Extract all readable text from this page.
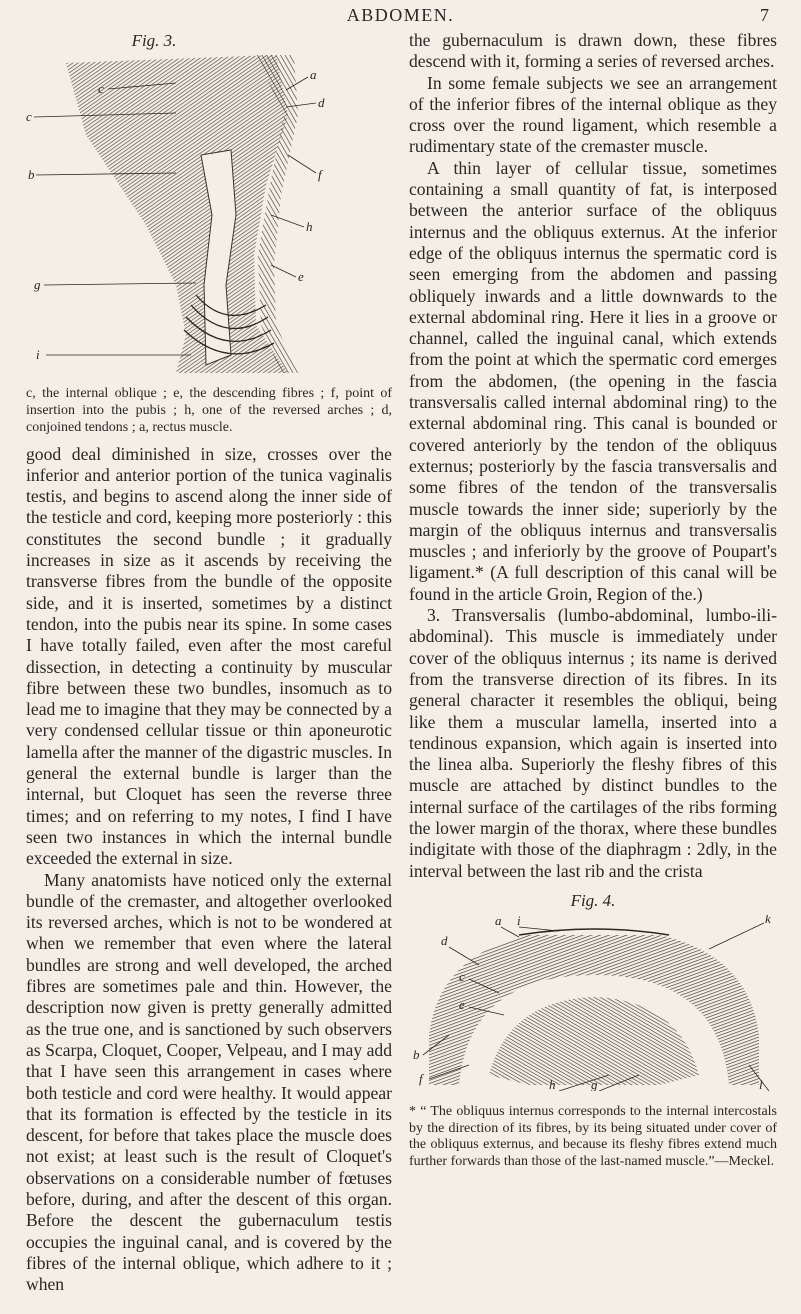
ABDOMEN.	7
Fig. 3.
c
c
b
g
i
a
d
f
h
e
c, the internal oblique ; e, the descending fibres ; f, point of insertion into the pubis ; h, one of the reversed arches ; d, conjoined tendons ; a, rectus muscle.

good deal diminished in size, crosses over the inferior and anterior portion of the tunica vaginalis testis, and begins to ascend along the inner side of the testicle and cord, keeping more posteriorly : this constitutes the second bundle ; it gradually increases in size as it ascends by receiving the transverse fibres from the bundle of the opposite side, and it is inserted, sometimes by a distinct tendon, into the pubis near its spine. In some cases I have totally failed, even after the most careful dissection, in detecting a continuity by muscular fibre between these two bundles, insomuch as to lead me to imagine that they may be connected by a very condensed cellular tissue or thin aponeurotic lamella after the manner of the digastric muscles. In general the external bundle is larger than the internal, but Cloquet has seen the reverse three times; and on referring to my notes, I find I have seen two instances in which the internal bundle exceeded the external in size.

Many anatomists have noticed only the external bundle of the cremaster, and altogether overlooked its reversed arches, which is not to be wondered at when we remember that even where the lateral bundles are strong and well developed, the arched fibres are sometimes pale and thin. However, the description now given is pretty generally admitted as the true one, and is sanctioned by such observers as Scarpa, Cloquet, Cooper, Velpeau, and I may add that I have seen this arrangement in cases where both testicle and cord were healthy. It would appear that its formation is effected by the testicle in its descent, for before that takes place the muscle does not exist; at least such is the result of Cloquet's observations on a considerable number of fœtuses before, during, and after the descent of this organ. Before the descent the gubernaculum testis occupies the inguinal canal, and is covered by the fibres of the internal oblique, which adhere to it ; when

the gubernaculum is drawn down, these fibres descend with it, forming a series of reversed arches.

In some female subjects we see an arrangement of the inferior fibres of the internal oblique as they cross over the round ligament, which resemble a rudimentary state of the cremaster muscle.

A thin layer of cellular tissue, sometimes containing a small quantity of fat, is interposed between the anterior surface of the obliquus internus and the obliquus externus. At the inferior edge of the obliquus internus the spermatic cord is seen emerging from the abdomen and passing obliquely inwards and a little downwards to the external abdominal ring. Here it lies in a groove or channel, called the inguinal canal, which extends from the point at which the spermatic cord emerges from the abdomen, (the opening in the fascia transversalis called internal abdominal ring) to the external abdominal ring. This canal is bounded or covered anteriorly by the tendon of the obliquus externus; posteriorly by the fascia transversalis and some fibres of the tendon of the transversalis muscle towards the inner side; superiorly by the margin of the obliquus internus and transversalis muscles ; and inferiorly by the groove of Poupart's ligament.* (A full description of this canal will be found in the article Groin, Region of the.)

3. Transversalis (lumbo-abdominal, lumbo-ili-abdominal). This muscle is immediately under cover of the obliquus internus ; its name is derived from the transverse direction of its fibres. In its general character it resembles the obliqui, being like them a muscular lamella, inserted into a tendinous expansion, which again is inserted into the linea alba. Superiorly the fleshy fibres of this muscle are attached by distinct bundles to the internal surface of the cartilages of the ribs forming the lower margin of the thorax, where these bundles indigitate with those of the diaphragm : 2dly, in the interval between the last rib and the crista

Fig. 4.
a i	k
d
c
e
b
f	h	g	l
* “ The obliquus internus corresponds to the internal intercostals by the direction of its fibres, by its being situated under cover of the obliquus externus, and because its fleshy fibres extend much further forwards than those of the last-named muscle.”—Meckel.
